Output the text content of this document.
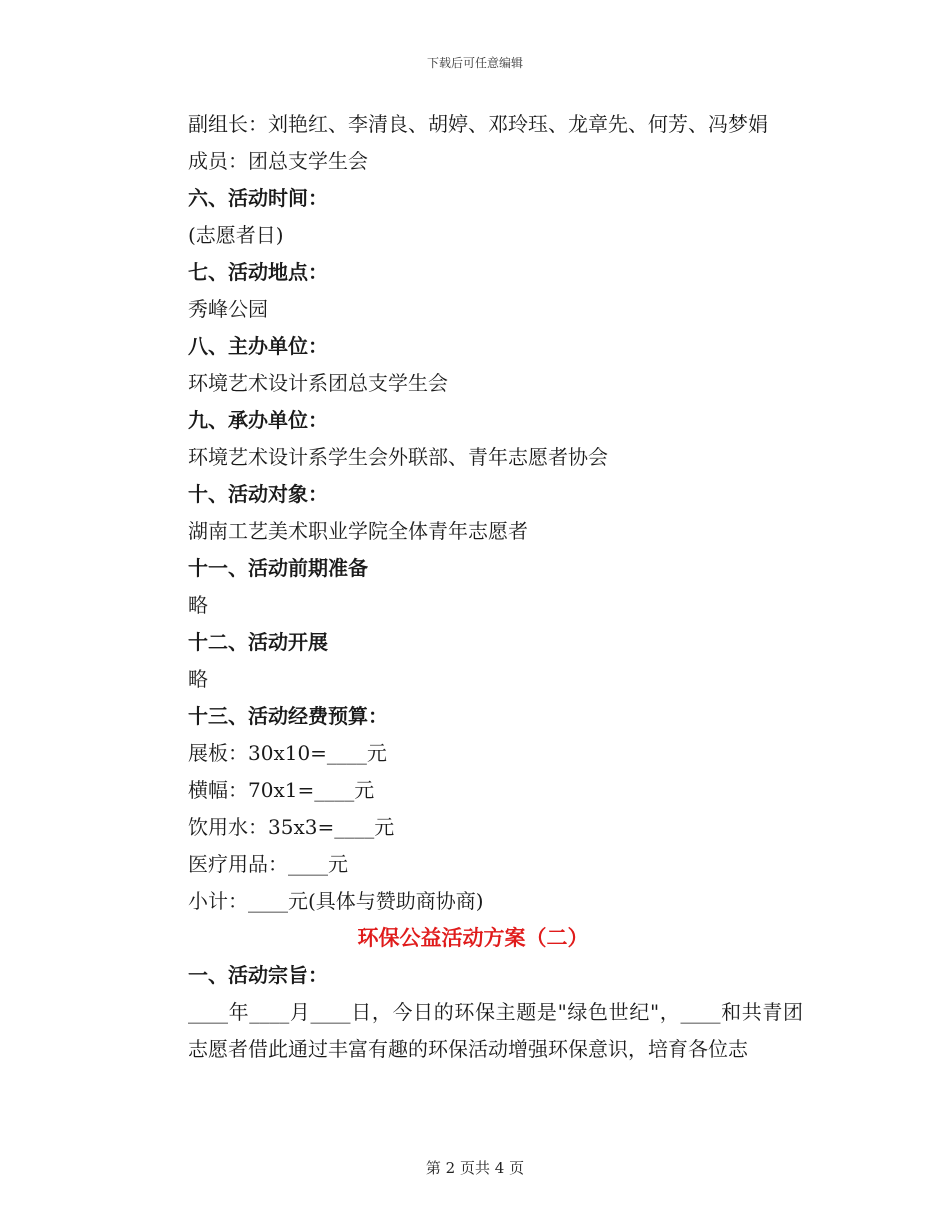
下载后可任意编辑
副组长：刘艳红、李清良、胡婷、邓玲珏、龙章先、何芳、冯梦娟
成员：团总支学生会
六、活动时间：
(志愿者日)
七、活动地点：
秀峰公园
八、主办单位：
环境艺术设计系团总支学生会
九、承办单位：
环境艺术设计系学生会外联部、青年志愿者协会
十、活动对象：
湖南工艺美术职业学院全体青年志愿者
十一、活动前期准备
略
十二、活动开展
略
十三、活动经费预算：
展板：30x10=____元
横幅：70x1=____元
饮用水：35x3=____元
医疗用品：____元
小计：____元(具体与赞助商协商)
环保公益活动方案（二）
一、活动宗旨：
____年____月____日，今日的环保主题是"绿色世纪"，____和共青团志愿者借此通过丰富有趣的环保活动增强环保意识，培育各位志
第 2 页共 4 页
